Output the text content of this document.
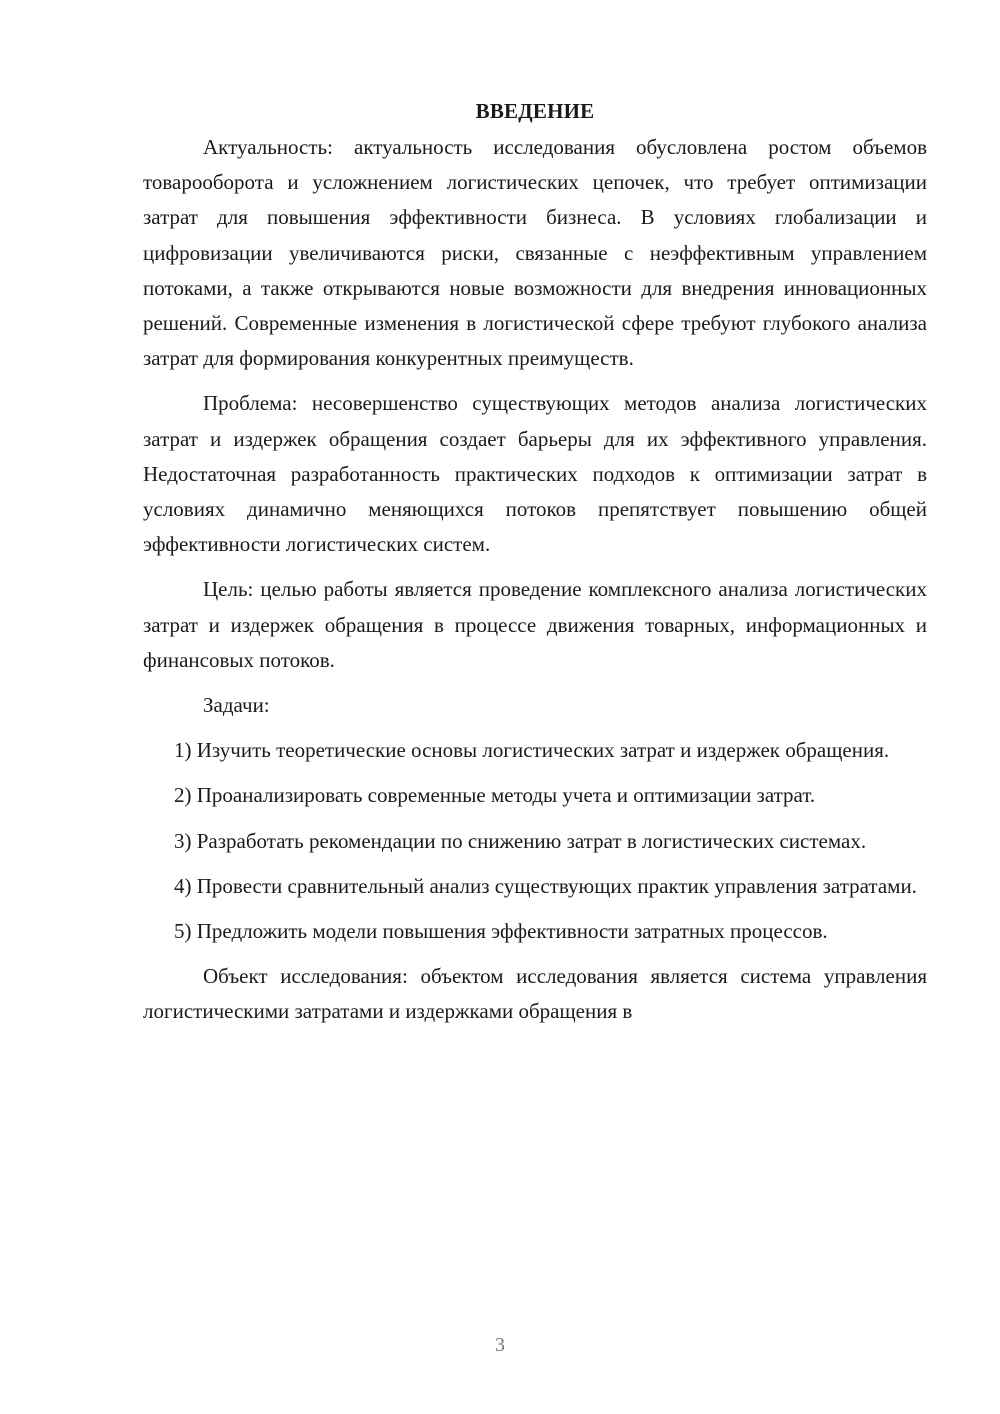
ВВЕДЕНИЕ

Актуальность: актуальность исследования обусловлена ростом объемов товарооборота и усложнением логистических цепочек, что требует оптимизации затрат для повышения эффективности бизнеса. В условиях глобализации и цифровизации увеличиваются риски, связанные с неэффективным управлением потоками, а также открываются новые возможности для внедрения инновационных решений. Современные изменения в логистической сфере требуют глубокого анализа затрат для формирования конкурентных преимуществ.

Проблема: несовершенство существующих методов анализа логистических затрат и издержек обращения создает барьеры для их эффективного управления. Недостаточная разработанность практических подходов к оптимизации затрат в условиях динамично меняющихся потоков препятствует повышению общей эффективности логистических систем.

Цель: целью работы является проведение комплексного анализа логистических затрат и издержек обращения в процессе движения товарных, информационных и финансовых потоков.

Задачи:

1) Изучить теоретические основы логистических затрат и издержек обращения.

2) Проанализировать современные методы учета и оптимизации затрат.

3) Разработать рекомендации по снижению затрат в логистических системах.

4) Провести сравнительный анализ существующих практик управления затратами.

5) Предложить модели повышения эффективности затратных процессов.

Объект исследования: объектом исследования является система управления логистическими затратами и издержками обращения в

3
